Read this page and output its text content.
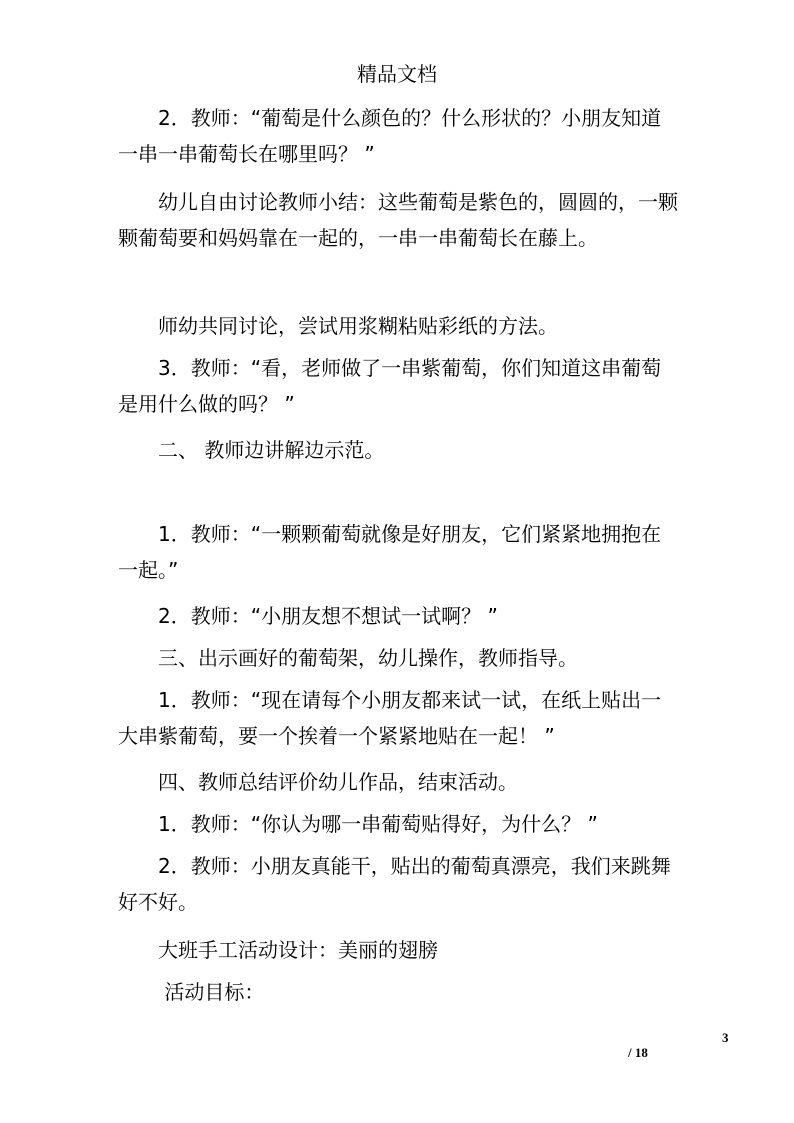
精品文档
　　2．教师：“葡萄是什么颜色的？什么形状的？小朋友知道一串一串葡萄长在哪里吗？ ”
　　幼儿自由讨论教师小结：这些葡萄是紫色的，圆圆的，一颗颗葡萄要和妈妈靠在一起的，一串一串葡萄长在藤上。
　　师幼共同讨论，尝试用浆糊粘贴彩纸的方法。
　　3．教师：“看，老师做了一串紫葡萄，你们知道这串葡萄是用什么做的吗？ ”
　　二、 教师边讲解边示范。
　　1．教师：“一颗颗葡萄就像是好朋友，它们紧紧地拥抱在一起。”
　　2．教师：“小朋友想不想试一试啊？ ”
　　三、出示画好的葡萄架，幼儿操作，教师指导。
　　1．教师：“现在请每个小朋友都来试一试，在纸上贴出一大串紫葡萄，要一个挨着一个紧紧地贴在一起！ ”
　　四、教师总结评价幼儿作品，结束活动。
　　1．教师：“你认为哪一串葡萄贴得好，为什么？ ”
　　2．教师：小朋友真能干，贴出的葡萄真漂亮，我们来跳舞好不好。
　　大班手工活动设计：美丽的翅膀
　　 活动目标：
3
/ 18
